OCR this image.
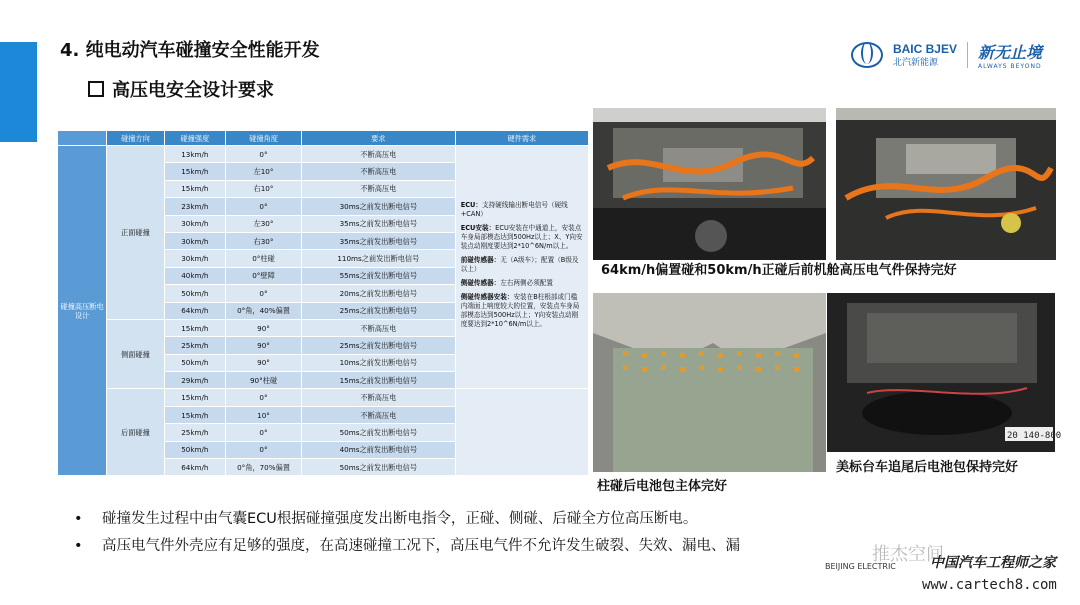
4. 纯电动汽车碰撞安全性能开发
高压电安全设计要求
BAIC BJEV
北汽新能源
新无止境
ALWAYS BEYOND
	碰撞方向	碰撞强度	碰撞角度	要求	硬件需求
碰撞高压断电设计	正面碰撞	13km/h	0°	不断高压电	ECU：支持硬线输出断电信号（硬线+CAN）

ECU安装：ECU安装在中通道上，安装点车身局部模态达到500Hz以上；X、Y向安装点动刚度要达到2*10^6N/m以上。

前碰传感器：无（A级车）；配置（B级及以上）

侧碰传感器：左右两侧必须配置

侧碰传感器安装：安装在B柱根部或门槛内端面上响度较大的位置，安装点车身局部模态达到500Hz以上；Y向安装点动刚度要达到2*10^6N/m以上。

		15km/h	左10°	不断高压电	
		15km/h	右10°	不断高压电	
		23km/h	0°	30ms之前发出断电信号	
		30km/h	左30°	35ms之前发出断电信号	
		30km/h	右30°	35ms之前发出断电信号	
		30km/h	0°柱碰	110ms之前发出断电信号	
		40km/h	0°壁障	55ms之前发出断电信号	
		50km/h	0°	20ms之前发出断电信号	
		64km/h	0°角，40%偏置	25ms之前发出断电信号	
	侧面碰撞	15km/h	90°	不断高压电	
		25km/h	90°	25ms之前发出断电信号	
		50km/h	90°	10ms之前发出断电信号	
		29km/h	90°柱碰	15ms之前发出断电信号	
	后面碰撞	15km/h	0°	不断高压电	
		15km/h	10°	不断高压电	
		25km/h	0°	50ms之前发出断电信号	
		50km/h	0°	40ms之前发出断电信号	
		64km/h	0°角，70%偏置	50ms之前发出断电信号	
64km/h偏置碰和50km/h正碰后前机舱高压电气件保持完好
柱碰后电池包主体完好
20 140-800
美标台车追尾后电池包保持完好
• 碰撞发生过程中由气囊ECU根据碰撞强度发出断电指令，正碰、侧碰、后碰全方位高压断电。
• 高压电气件外壳应有足够的强度，在高速碰撞工况下，高压电气件不允许发生破裂、失效、漏电、漏
BEIJING ELECTRIC
推杰空间
中国汽车工程师之家
www.cartech8.com
